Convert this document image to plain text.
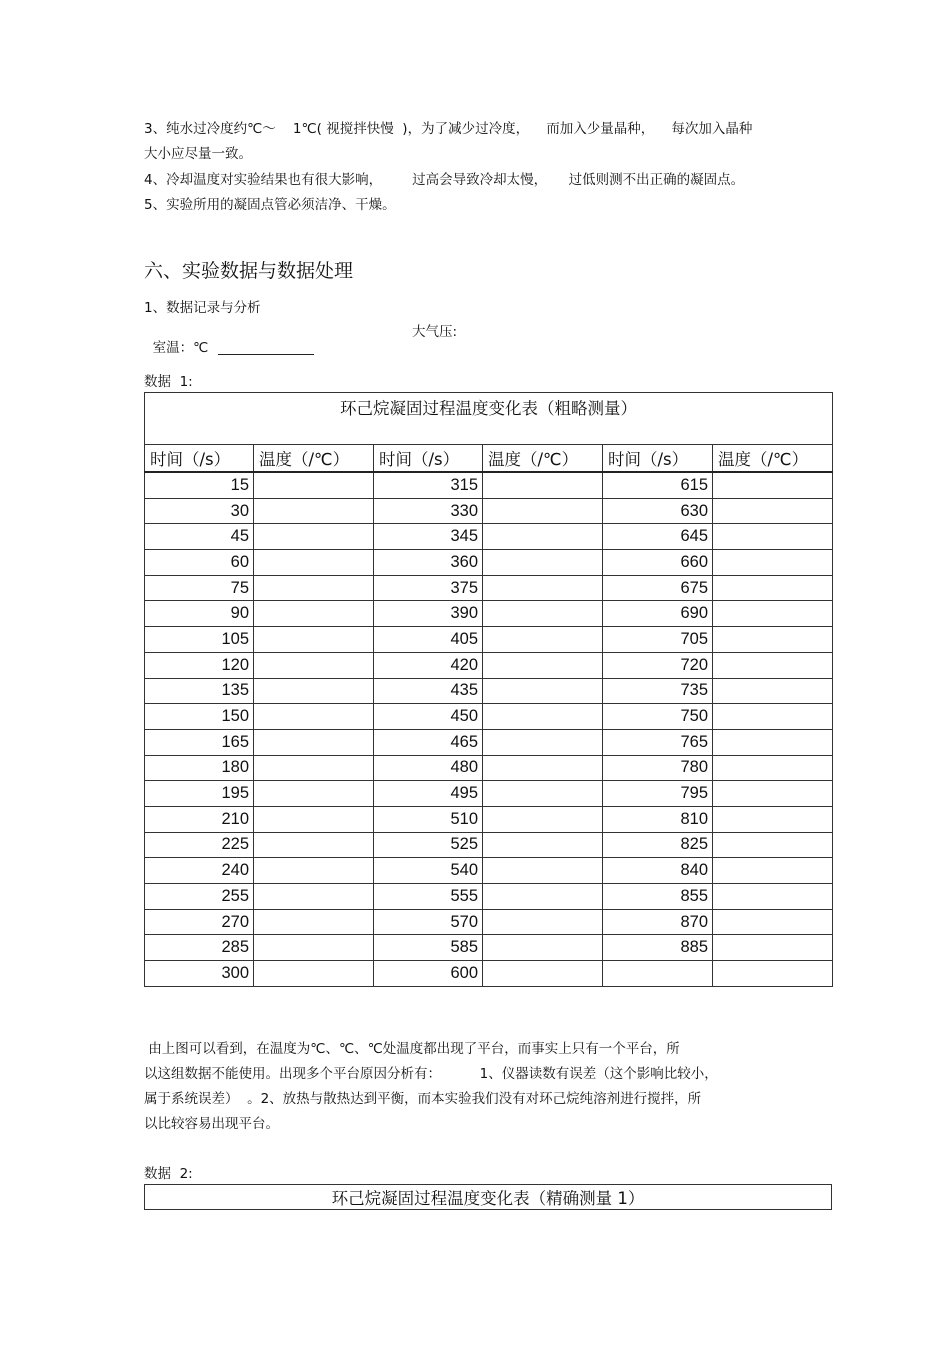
3、纯水过冷度约℃～    1℃( 视搅拌快慢  )，为了减少过冷度，    而加入少量晶种，    每次加入晶种
大小应尽量一致。
4、冷却温度对实验结果也有很大影响，       过高会导致冷却太慢，     过低则测不出正确的凝固点。
5、实验所用的凝固点管必须洁净、干燥。
六、实验数据与数据处理
1、数据记录与分析

室温：℃

大气压:
数据  1:
环己烷凝固过程温度变化表（粗略测量）					
时间（/s）	温度（/℃）	时间（/s）	温度（/℃）	时间（/s）	温度（/℃）
15		315		615	
30		330		630	
45		345		645	
60		360		660	
75		375		675	
90		390		690	
105		405		705	
120		420		720	
135		435		735	
150		450		750	
165		465		765	
180		480		780	
195		495		795	
210		510		810	
225		525		825	
240		540		840	
255		555		855	
270		570		870	
285		585		885	
300		600			
由上图可以看到，在温度为℃、℃、℃处温度都出现了平台，而事实上只有一个平台，所
以这组数据不能使用。出现多个平台原因分析有：         1、仪器读数有误差（这个影响比较小，
属于系统误差）  。2、放热与散热达到平衡，而本实验我们没有对环己烷纯溶剂进行搅拌，所
以比较容易出现平台。
数据  2:
环己烷凝固过程温度变化表（精确测量 1）
